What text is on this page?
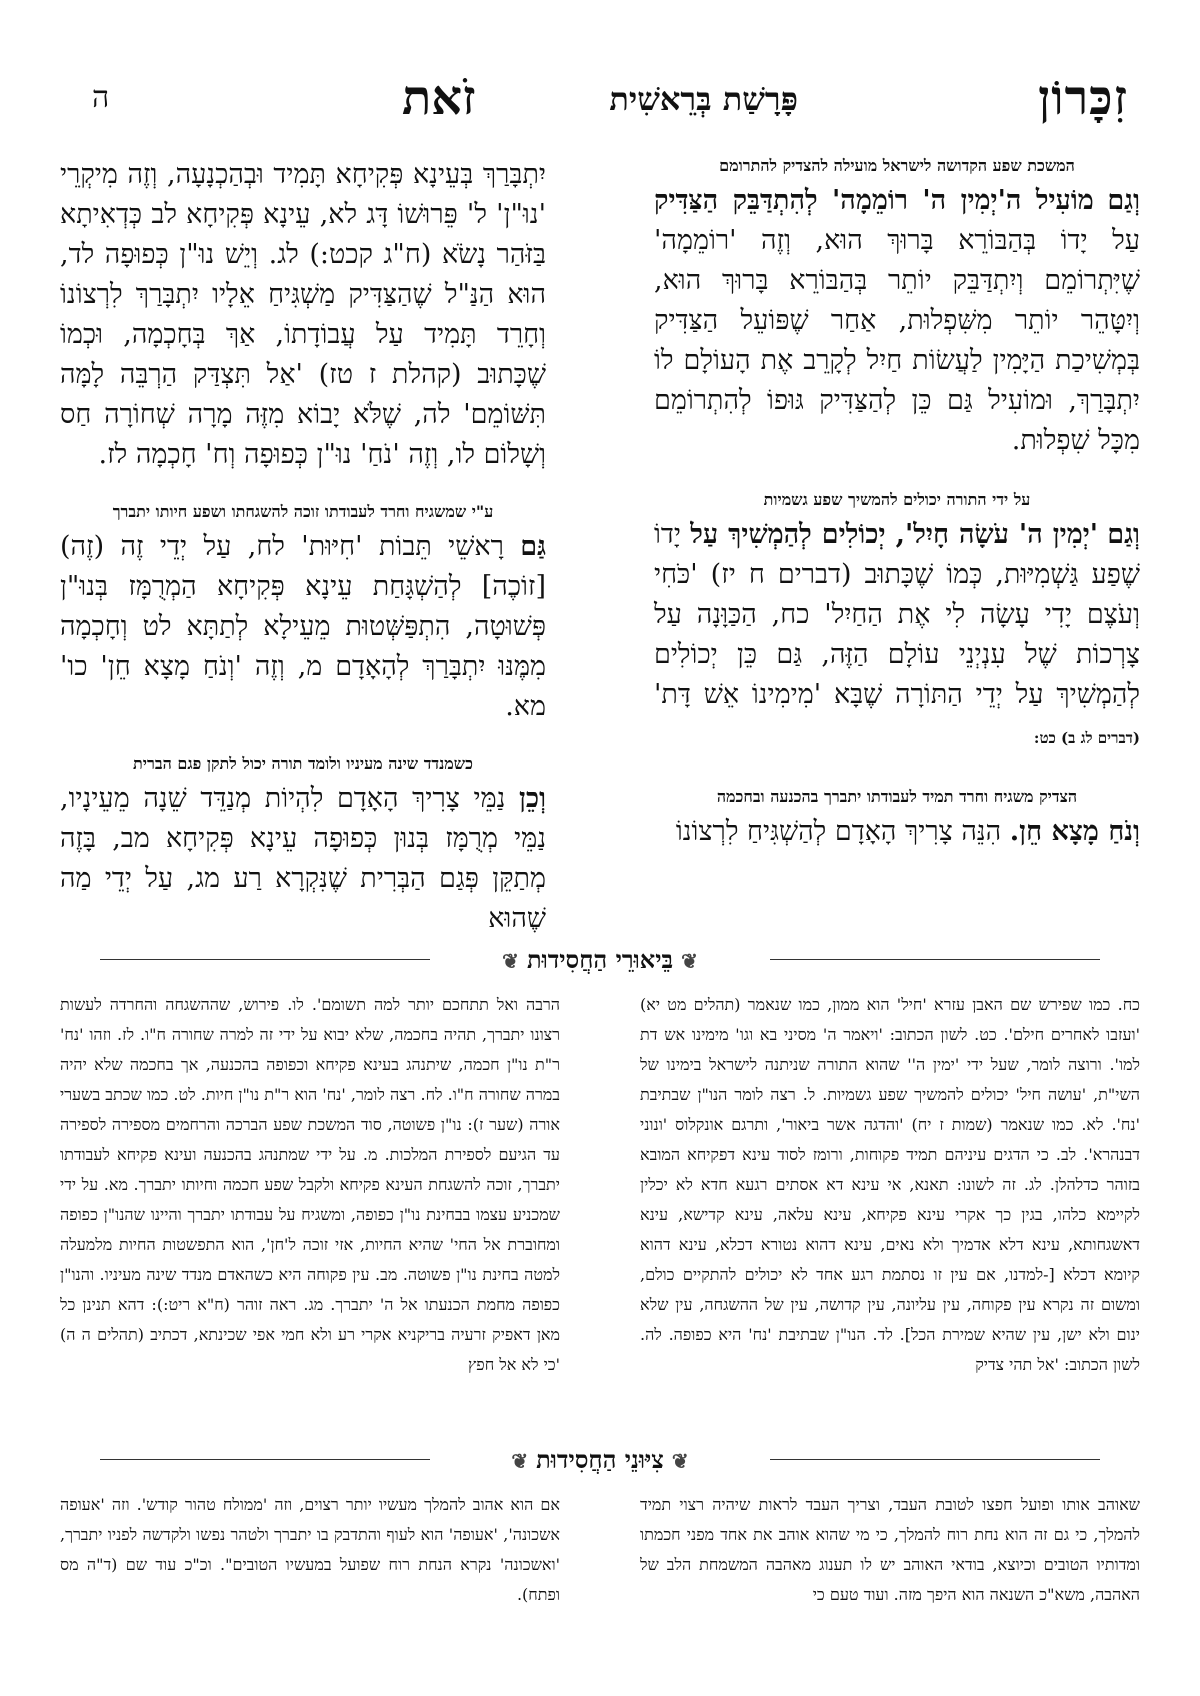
זִכָּרוֹן
פָּרָשַׁת בְּרֵאשִׁית
זֹאת
ה
המשכת שפע הקדושה לישראל מועילה להצדיק להתרומם
וְגַם מוֹעִיל ה'יְמִין ה' רוֹמֵמָה' לְהִתְדַּבֵּק הַצַּדִּיק עַל יָדוֹ בְּהַבּוֹרֵא בָּרוּךְ הוּא, וְזֶה 'רוֹמֵמָה' שֶׁיִּתְרוֹמֵם וְיִתְדַּבֵּק יוֹתֵר בְּהַבּוֹרֵא בָּרוּךְ הוּא, וְיִטָּהֵר יוֹתֵר מִשִּׁפְלוּת, אַחַר שֶׁפּוֹעֵל הַצַּדִּיק בְּמְשִׁיכַת הַיָּמִין לַעֲשׂוֹת חַיִל לְקָרֵב אֶת הָעוֹלָם לוֹ יִתְבָּרַךְ, וּמוֹעִיל גַּם כֵּן לְהַצַּדִּיק גּוּפוֹ לְהִתְרוֹמֵם מִכָּל שִׁפְלוּת.
על ידי התורה יכולים להמשיך שפע גשמיות
וְגַם 'יְמִין ה' עֹשָׂה חָיִל', יְכוֹלִים לְהַמְשִׁיךְ עַל יָדוֹ שֶׁפַע גַּשְׁמִיּוּת, כְּמוֹ שֶׁכָּתוּב (דברים ח יז) 'כֹּחִי וְעֹצֶם יָדִי עָשָׂה לִי אֶת הַחַיִל' כח, הַכַּוָּנָה עַל צָרְכוֹת שֶׁל עִנְיְנֵי עוֹלָם הַזֶּה, גַּם כֵּן יְכוֹלִים לְהַמְשִׁיךְ עַל יְדֵי הַתּוֹרָה שֶׁבָּא 'מִימִינוֹ אֵשׁ דָּת' (דברים לג ב) כט:
הצדיק משגיח וחרד תמיד לעבודתו יתברך בהכנעה ובחכמה
וְנֹחַ מָצָא חֵן. הִנֵּה צָרִיךְ הָאָדָם לְהַשְׁגִּיחַ לִרְצוֹנוֹ
יִתְבָּרַךְ בְּעֵינָא פְּקִיחָא תָּמִיד וּבְהַכְנָעָה, וְזֶה מִיקְרֵי 'נוּ"ן' ל' פֵּרוּשׁוֹ דָּג לא, עֵינָא פְּקִיחָא לב כְּדְאִיתָא בַּזֹּהַר נָשֹׂא (ח"ג קכט:) לג. וְיֵשׁ נוּ"ן כְּפוּפָה לד, הוּא הַנַּ"ל שֶׁהַצַּדִּיק מַשְׁגִּיחַ אֵלָיו יִתְבָּרַךְ לִרְצוֹנוֹ וְחָרֵד תָּמִיד עַל עֲבוֹדָתוֹ, אַךְ בְּחָכְמָה, וּכְמוֹ שֶׁכָּתוּב (קהלת ז טז) 'אַל תִּצְדַּק הַרְבֵּה לָמָּה תִּשּׁוֹמֵם' לה, שֶׁלֹּא יָבוֹא מִזֶּה מָרָה שְׁחוֹרָה חַס וְשָׁלוֹם לו, וְזֶה 'נֹחַ' נוּ"ן כְּפוּפָה וְח' חָכְמָה לז.
ע"י שמשגיח וחרד לעבודתו זוכה להשגחתו ושפע חיותו יתברך
גַּם רָאשֵׁי תֵּבוֹת 'חִיּוּת' לח, עַל יְדֵי זֶה (זֶה) [זוֹכֶה] לְהַשְׁגָּחַת עֵינָא פְּקִיחָא הַמְרֻמָּז בְּנוּ"ן פְּשׁוּטָה, הִתְפַּשְּׁטוּת מֵעֵילָא לְתַתָּא לט וְחָכְמָה מִמֶּנּוּ יִתְבָּרַךְ לְהָאָדָם מ, וְזֶה 'וְנֹחַ מָצָא חֵן' כו' מא.
כשמנדד שינה מעיניו ולומד תורה יכול לתקן פגם הברית
וְכֵן נַמֵּי צָרִיךְ הָאָדָם לִהְיוֹת מְנַדֵּד שֵׁנָה מֵעֵינָיו, נַמֵּי מְרֻמָּז בְּנוּן כְּפוּפָה עֵינָא פְּקִיחָא מב, בָּזֶה מְתַקֵּן פְּגַם הַבְּרִית שֶׁנִּקְרָא רַע מג, עַל יְדֵי מַה שֶׁהוּא
❦בֵּיאוּרֵי הַחֲסִידוּת❦
כח. כמו שפירש שם האבן עזרא 'חיל' הוא ממון, כמו שנאמר (תהלים מט יא) 'ועזבו לאחרים חילם'. כט. לשון הכתוב: 'ויאמר ה' מסיני בא וגו' מימינו אש דת למו'. ורוצה לומר, שעל ידי 'ימין ה'' שהוא התורה שניתנה לישראל בימינו של השי"ת, 'עושה חיל' יכולים להמשיך שפע גשמיות. ל. רצה לומר הנו"ן שבתיבת 'נח'. לא. כמו שנאמר (שמות ז יח) 'והדגה אשר ביאור', ותרגם אונקלוס 'ונוני דבנהרא'. לב. כי הדגים עיניהם תמיד פקוחות, ורומז לסוד עינא דפקיחא המובא בזוהר כדלהלן. לג. זה לשונו: תאנא, אי עינא דא אסתים רגעא חדא לא יכלין לקיימא כלהו, בגין כך אקרי עינא פקיחא, עינא עלאה, עינא קדישא, עינא דאשגחותא, עינא דלא אדמיך ולא נאים, עינא דהוא נטורא דכלא, עינא דהוא קיומא דכלא [-למדנו, אם עין זו נסתמת רגע אחד לא יכולים להתקיים כולם, ומשום זה נקרא עין פקוחה, עין עליונה, עין קדושה, עין של ההשגחה, עין שלא ינום ולא ישן, עין שהיא שמירת הכל]. לד. הנו"ן שבתיבת 'נח' היא כפופה. לה. לשון הכתוב: 'אל תהי צדיק
הרבה ואל תתחכם יותר למה תשומם'. לו. פירוש, שההשגחה והחרדה לעשות רצונו יתברך, תהיה בחכמה, שלא יבוא על ידי זה למרה שחורה ח"ו. לז. וזהו 'נח' ר"ת נו"ן חכמה, שיתנהג בעינא פקיחא וכפופה בהכנעה, אך בחכמה שלא יהיה במרה שחורה ח"ו. לח. רצה לומר, 'נח' הוא ר"ת נו"ן חיות. לט. כמו שכתב בשערי אורה (שער ז): נו"ן פשוטה, סוד המשכת שפע הברכה והרחמים מספירה לספירה עד הגיעם לספירת המלכות. מ. על ידי שמתנהג בהכנעה ועינא פקיחא לעבודתו יתברך, זוכה להשגחת העינא פקיחא ולקבל שפע חכמה וחיותו יתברך. מא. על ידי שמכניע עצמו בבחינת נו"ן כפופה, ומשגיח על עבודתו יתברך והיינו שהנו"ן כפופה ומחוברת אל החי' שהיא החיות, אזי זוכה ל'חן', הוא התפשטות החיות מלמעלה למטה בחינת נו"ן פשוטה. מב. עין פקוחה היא כשהאדם מנדד שינה מעיניו. והנו"ן כפופה מחמת הכנעתו אל ה' יתברך. מג. ראה זוהר (ח"א ריט:): דהא תנינן כל מאן דאפיק זרעיה בריקניא אקרי רע ולא חמי אפי שכינתא, דכתיב (תהלים ה ה) 'כי לא אל חפץ
❦צִיּוּנֵי הַחֲסִידוּת❦
שאוהב אותו ופועל חפצו לטובת העבד, וצריך העבד לראות שיהיה רצוי תמיד להמלך, כי גם זה הוא נחת רוח להמלך, כי מי שהוא אוהב את אחד מפני חכמתו ומדותיו הטובים וכיוצא, בודאי האוהב יש לו תענוג מאהבה המשמחת הלב של האהבה, משא"כ השנאה הוא היפך מזה. ועוד טעם כי
אם הוא אהוב להמלך מעשיו יותר רצוים, וזה 'ממולח טהור קודש'. וזה 'אעופה אשכונה', 'אעופה' הוא לעוף והתדבק בו יתברך ולטהר נפשו ולקדשה לפניו יתברך, 'ואשכונה' נקרא הנחת רוח שפועל במעשיו הטובים". וכ"כ עוד שם (ד"ה מס ופתח).
